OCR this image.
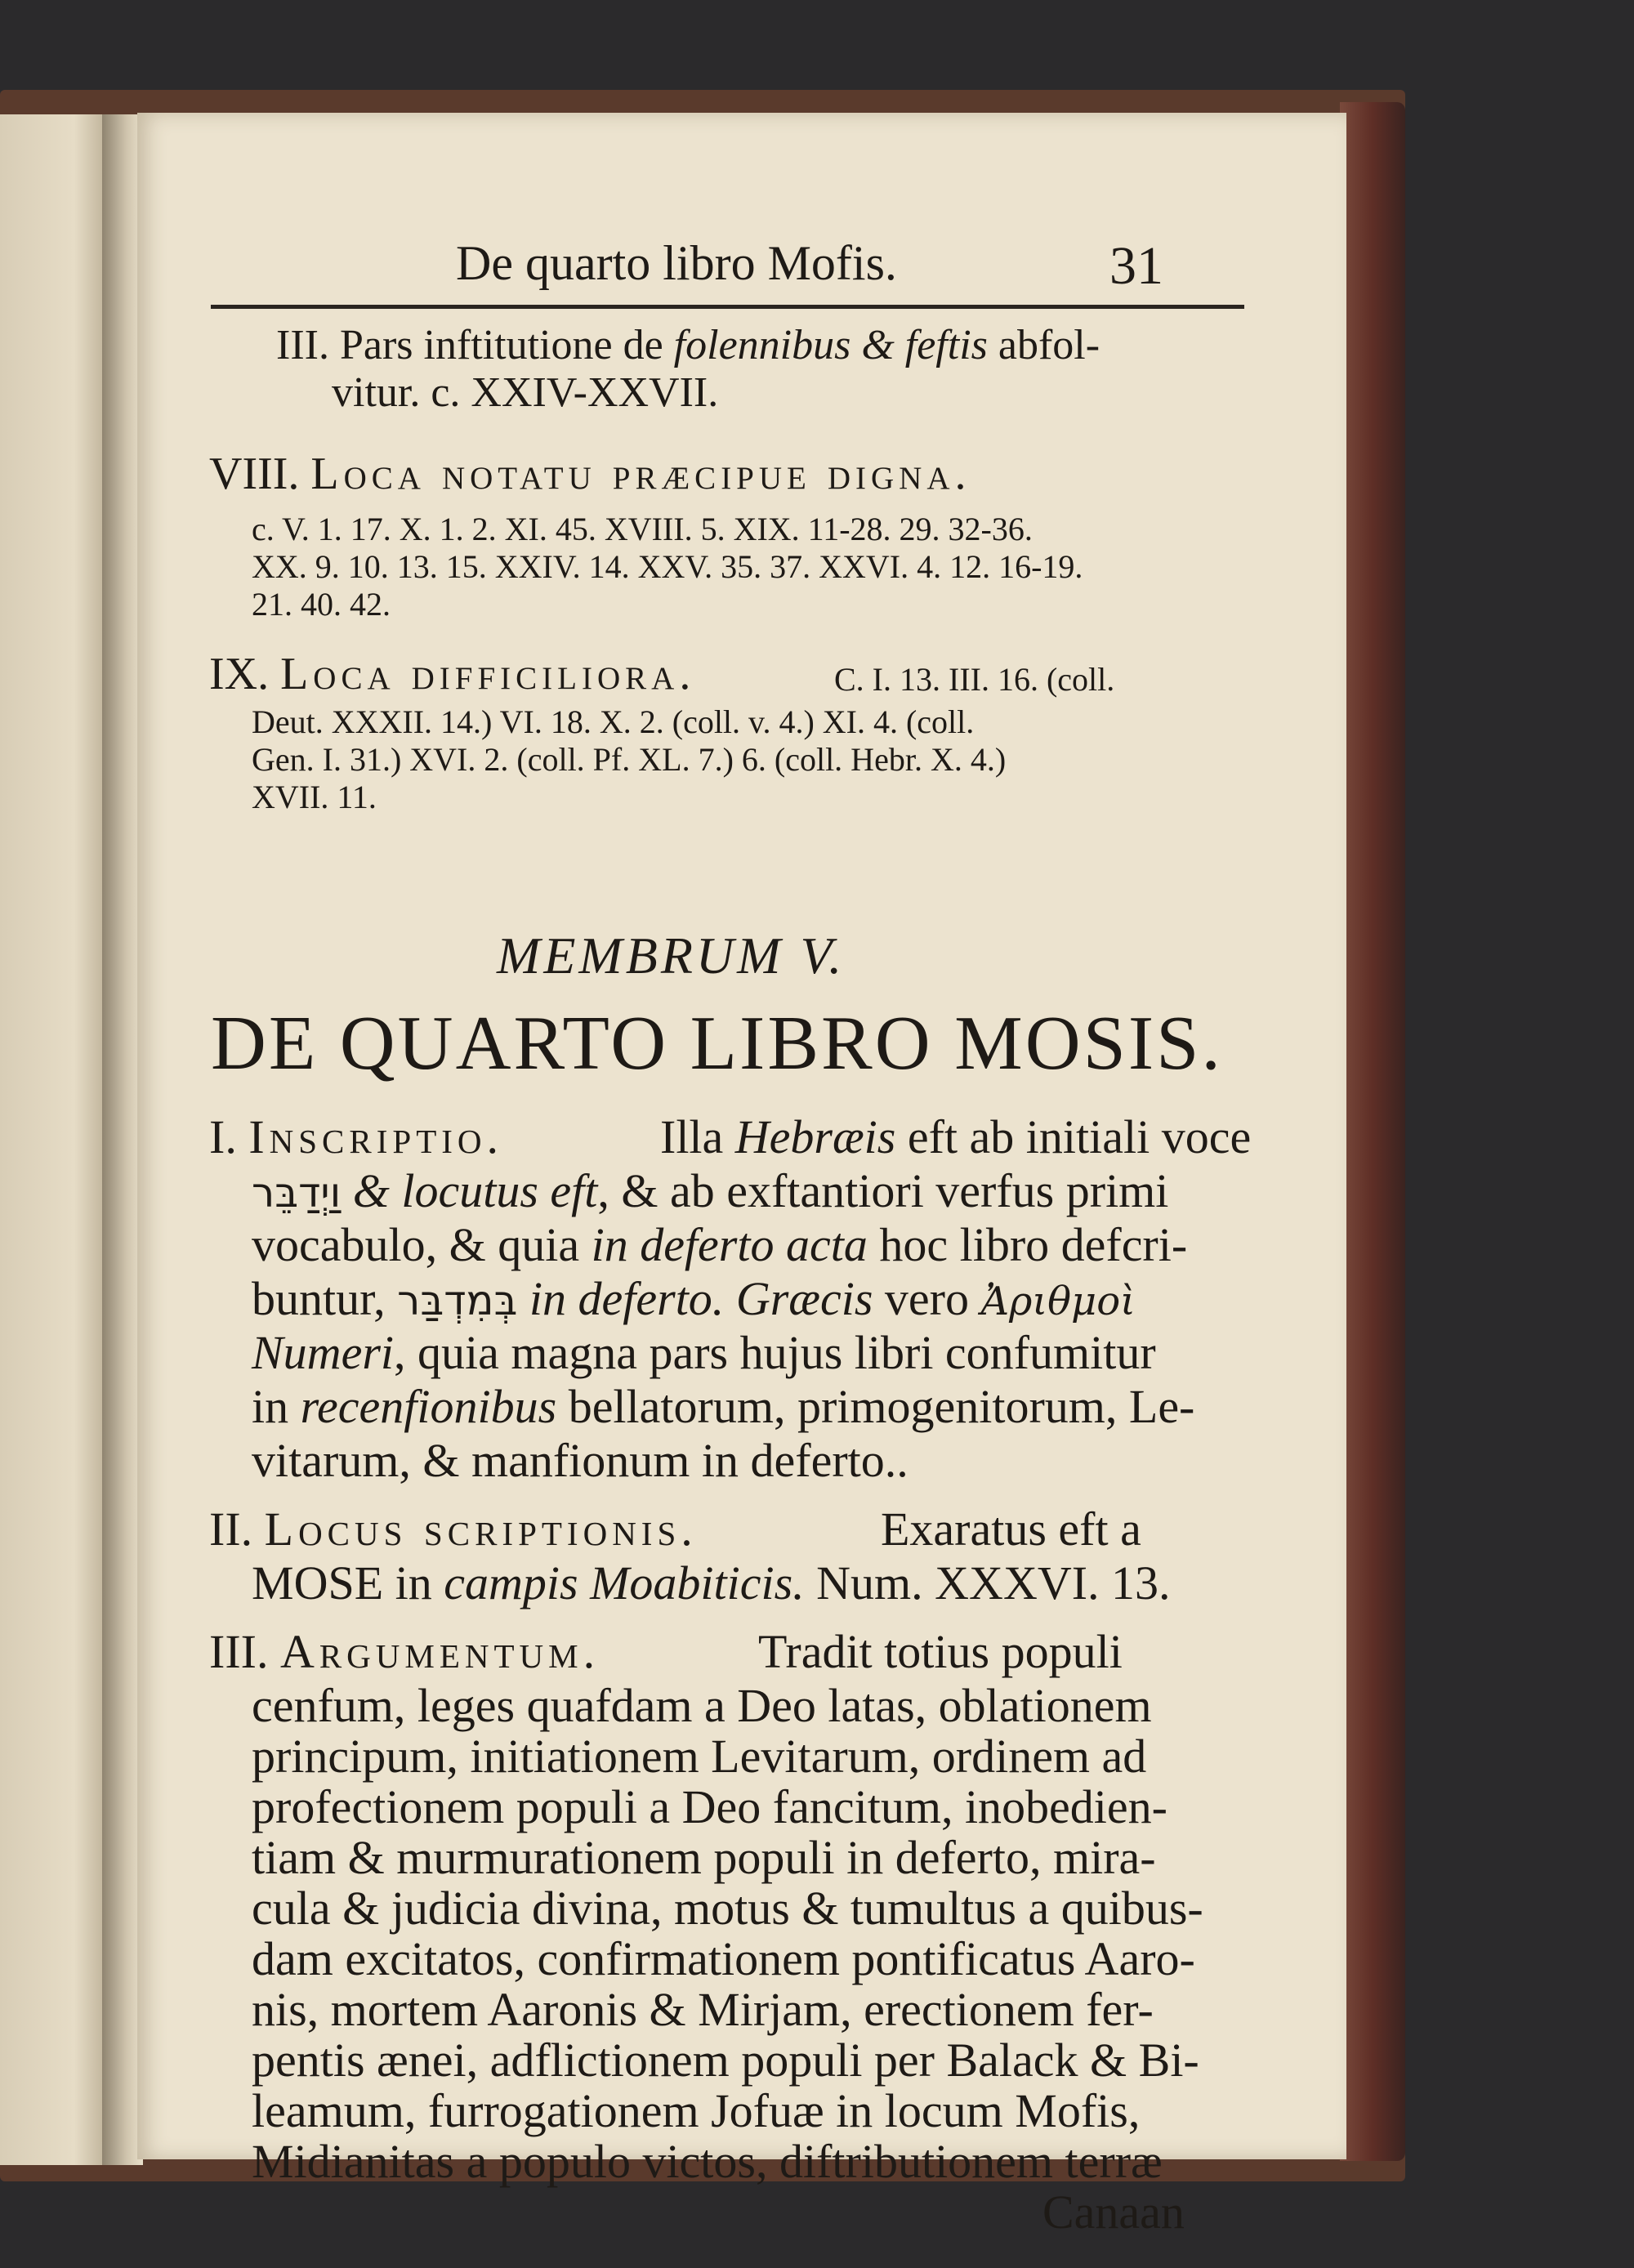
De quarto libro Mofis.	31
III. Pars inftitutione de folennibus & feftis abfol-
vitur. c. XXIV-XXVII.
VIII. Loca notatu præcipue digna.
c. V. 1. 17. X. 1. 2. XI. 45. XVIII. 5. XIX. 11-28. 29. 32-36.
XX. 9. 10. 13. 15. XXIV. 14. XXV. 35. 37. XXVI. 4. 12. 16-19.
21. 40. 42.
IX. Loca difficiliora.	C. I. 13. III. 16. (coll.
Deut. XXXII. 14.) VI. 18. X. 2. (coll. v. 4.) XI. 4. (coll.
Gen. I. 31.) XVI. 2. (coll. Pf. XL. 7.) 6. (coll. Hebr. X. 4.)
XVII. 11.
MEMBRUM V.
DE QUARTO LIBRO MOSIS.
I. Inscriptio.	Illa Hebræis eft ab initiali voce
וַיְדַבֵּר & locutus eft, & ab exftantiori verfus primi
vocabulo, & quia in deferto acta hoc libro defcri-
buntur, בְּמִדְבַּר in deferto. Græcis vero Ἀριθμοὶ
Numeri, quia magna pars hujus libri confumitur
in recenfionibus bellatorum, primogenitorum, Le-
vitarum, & manfionum in deferto..
II. Locus scriptionis.	Exaratus eft a
MOSE in campis Moabiticis. Num. XXXVI. 13.
III. Argumentum.	Tradit totius populi
cenfum, leges quafdam a Deo latas, oblationem
principum, initiationem Levitarum, ordinem ad
profectionem populi a Deo fancitum, inobedien-
tiam & murmurationem populi in deferto, mira-
cula & judicia divina, motus & tumultus a quibus-
dam excitatos, confirmationem pontificatus Aaro-
nis, mortem Aaronis & Mirjam, erectionem fer-
pentis ænei, adflictionem populi per Balack & Bi-
leamum, furrogationem Jofuæ in locum Mofis,
Midianitas a populo victos, diftributionem terræ
Canaan
